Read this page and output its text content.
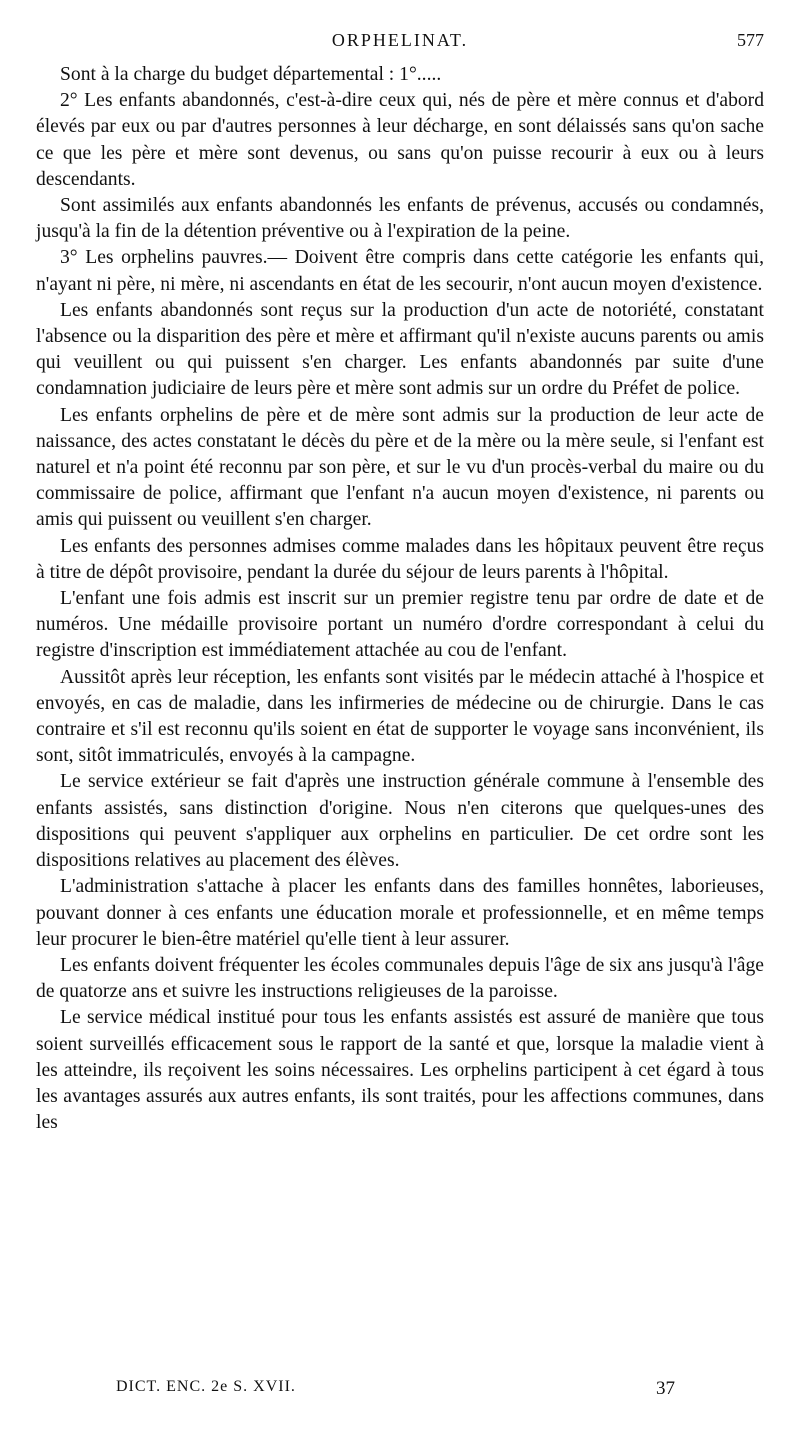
ORPHELINAT.	577

Sont à la charge du budget départemental : 1°.....

2° Les enfants abandonnés, c'est-à-dire ceux qui, nés de père et mère connus et d'abord élevés par eux ou par d'autres personnes à leur décharge, en sont délaissés sans qu'on sache ce que les père et mère sont devenus, ou sans qu'on puisse recourir à eux ou à leurs descendants.

Sont assimilés aux enfants abandonnés les enfants de prévenus, accusés ou condamnés, jusqu'à la fin de la détention préventive ou à l'expiration de la peine.

3° Les orphelins pauvres.— Doivent être compris dans cette catégorie les enfants qui, n'ayant ni père, ni mère, ni ascendants en état de les secourir, n'ont aucun moyen d'existence.

Les enfants abandonnés sont reçus sur la production d'un acte de notoriété, constatant l'absence ou la disparition des père et mère et affirmant qu'il n'existe aucuns parents ou amis qui veuillent ou qui puissent s'en charger. Les enfants abandonnés par suite d'une condamnation judiciaire de leurs père et mère sont admis sur un ordre du Préfet de police.

Les enfants orphelins de père et de mère sont admis sur la production de leur acte de naissance, des actes constatant le décès du père et de la mère ou la mère seule, si l'enfant est naturel et n'a point été reconnu par son père, et sur le vu d'un procès-verbal du maire ou du commissaire de police, affirmant que l'enfant n'a aucun moyen d'existence, ni parents ou amis qui puissent ou veuillent s'en charger.

Les enfants des personnes admises comme malades dans les hôpitaux peuvent être reçus à titre de dépôt provisoire, pendant la durée du séjour de leurs parents à l'hôpital.

L'enfant une fois admis est inscrit sur un premier registre tenu par ordre de date et de numéros. Une médaille provisoire portant un numéro d'ordre correspondant à celui du registre d'inscription est immédiatement attachée au cou de l'enfant.

Aussitôt après leur réception, les enfants sont visités par le médecin attaché à l'hospice et envoyés, en cas de maladie, dans les infirmeries de médecine ou de chirurgie. Dans le cas contraire et s'il est reconnu qu'ils soient en état de supporter le voyage sans inconvénient, ils sont, sitôt immatriculés, envoyés à la campagne.

Le service extérieur se fait d'après une instruction générale commune à l'ensemble des enfants assistés, sans distinction d'origine. Nous n'en citerons que quelques-unes des dispositions qui peuvent s'appliquer aux orphelins en particulier. De cet ordre sont les dispositions relatives au placement des élèves.

L'administration s'attache à placer les enfants dans des familles honnêtes, laborieuses, pouvant donner à ces enfants une éducation morale et professionnelle, et en même temps leur procurer le bien-être matériel qu'elle tient à leur assurer.

Les enfants doivent fréquenter les écoles communales depuis l'âge de six ans jusqu'à l'âge de quatorze ans et suivre les instructions religieuses de la paroisse.

Le service médical institué pour tous les enfants assistés est assuré de manière que tous soient surveillés efficacement sous le rapport de la santé et que, lorsque la maladie vient à les atteindre, ils reçoivent les soins nécessaires. Les orphelins participent à cet égard à tous les avantages assurés aux autres enfants, ils sont traités, pour les affections communes, dans les

DICT. ENC. 2e S. XVII.	37
